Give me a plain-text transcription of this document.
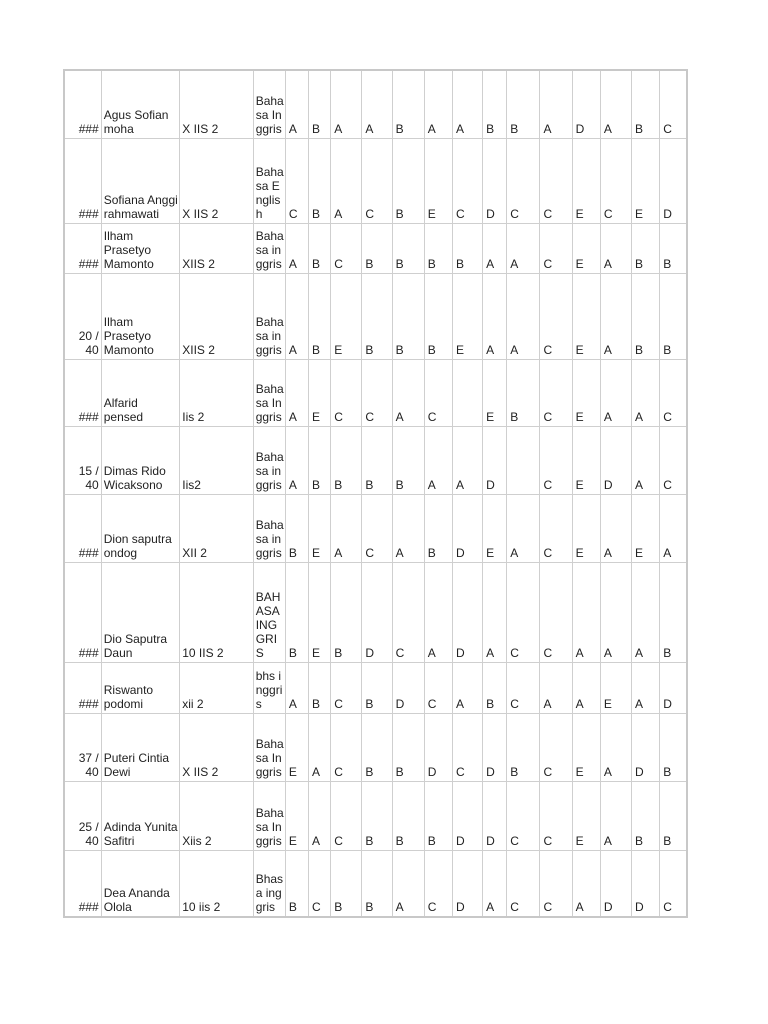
###	Agus Sofian moha	X IIS 2	Bahasa Inggris	A	B	A	A	B	A	A	B	B	A	D	A	B	C
###	Sofiana Anggi rahmawati	X IIS 2	Bahasa English	C	B	A	C	B	E	C	D	C	C	E	C	E	D
###	Ilham Prasetyo Mamonto	XIIS 2	Bahasa inggris	A	B	C	B	B	B	B	A	A	C	E	A	B	B
20 / 40	Ilham Prasetyo Mamonto	XIIS 2	Bahasa inggris	A	B	E	B	B	B	E	A	A	C	E	A	B	B
###	Alfarid pensed	Iis 2	Bahasa Inggris	A	E	C	C	A	C		E	B	C	E	A	A	C
15 / 40	Dimas Rido Wicaksono	Iis2	Bahasa inggris	A	B	B	B	B	A	A	D		C	E	D	A	C
###	Dion saputra ondog	XII 2	Bahasa inggris	B	E	A	C	A	B	D	E	A	C	E	A	E	A
###	Dio Saputra Daun	10 IIS 2	BAHASA INGGRIS	B	E	B	D	C	A	D	A	C	C	A	A	A	B
###	Riswanto podomi	xii 2	bhs inggris	A	B	C	B	D	C	A	B	C	A	A	E	A	D
37 / 40	Puteri Cintia Dewi	X IIS 2	Bahasa Inggris	E	A	C	B	B	D	C	D	B	C	E	A	D	B
25 / 40	Adinda Yunita Safitri	Xiis 2	Bahasa Inggris	E	A	C	B	B	B	D	D	C	C	E	A	B	B
###	Dea Ananda Olola	10 iis 2	Bhasa inggris	B	C	B	B	A	C	D	A	C	C	A	D	D	C
